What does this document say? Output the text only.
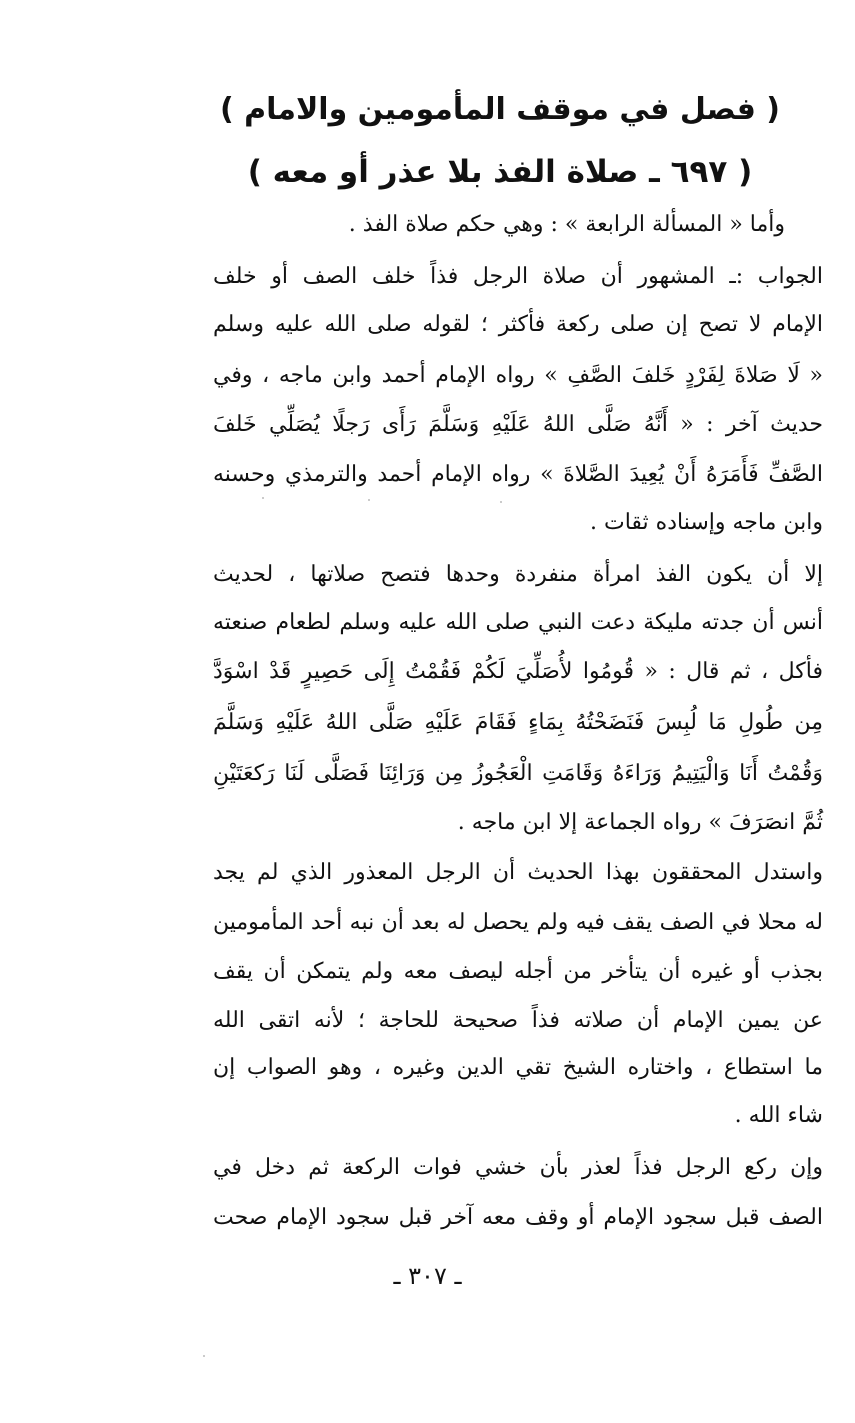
( فصل في موقف المأمومين والامام )
( ٦٩٧ ـ صلاة الفذ بلا عذر أو معه )
وأما « المسألة الرابعة » : وهي حكم صلاة الفذ .
الجواب :ـ المشهور أن صلاة الرجل فذاً خلف الصف أو خلف
الإمام لا تصح إن صلى ركعة فأكثر ؛ لقوله صلى الله عليه وسلم
« لَا صَلاةَ لِفَرْدٍ خَلفَ الصَّفِ » رواه الإمام أحمد وابن ماجه ، وفي
حديث آخر : « أَنَّهُ صَلَّى اللهُ عَلَيْهِ وَسَلَّمَ رَأَى رَجلًا يُصَلِّي خَلفَ
الصَّفِّ فَأَمَرَهُ أَنْ يُعِيدَ الصَّلاةَ » رواه الإمام أحمد والترمذي وحسنه
وابن ماجه وإسناده ثقات .
إلا أن يكون الفذ امرأة منفردة وحدها فتصح صلاتها ، لحديث
أنس أن جدته مليكة دعت النبي صلى الله عليه وسلم لطعام صنعته
فأكل ، ثم قال : « قُومُوا لأُصَلِّيَ لَكُمْ فَقُمْتُ إِلَى حَصِيرٍ قَدْ اسْوَدَّ
مِن طُولِ مَا لُبِسَ فَنَضَحْتُهُ بِمَاءٍ فَقَامَ عَلَيْهِ صَلَّى اللهُ عَلَيْهِ وَسَلَّمَ
وَقُمْتُ أَنَا وَالْيَتِيمُ وَرَاءَهُ وَقَامَتِ الْعَجُوزُ مِن وَرَائِنَا فَصَلَّى لَنَا رَكعَتَيْنِ
ثُمَّ انصَرَفَ » رواه الجماعة إلا ابن ماجه .
واستدل المحققون بهذا الحديث أن الرجل المعذور الذي لم يجد
له محلا في الصف يقف فيه ولم يحصل له بعد أن نبه أحد المأمومين
بجذب أو غيره أن يتأخر من أجله ليصف معه ولم يتمكن أن يقف
عن يمين الإمام أن صلاته فذاً صحيحة للحاجة ؛ لأنه اتقى الله
ما استطاع ، واختاره الشيخ تقي الدين وغيره ، وهو الصواب إن
شاء الله .
وإن ركع الرجل فذاً لعذر بأن خشي فوات الركعة ثم دخل في
الصف قبل سجود الإمام أو وقف معه آخر قبل سجود الإمام صحت
ـ ٣٠٧ ـ
